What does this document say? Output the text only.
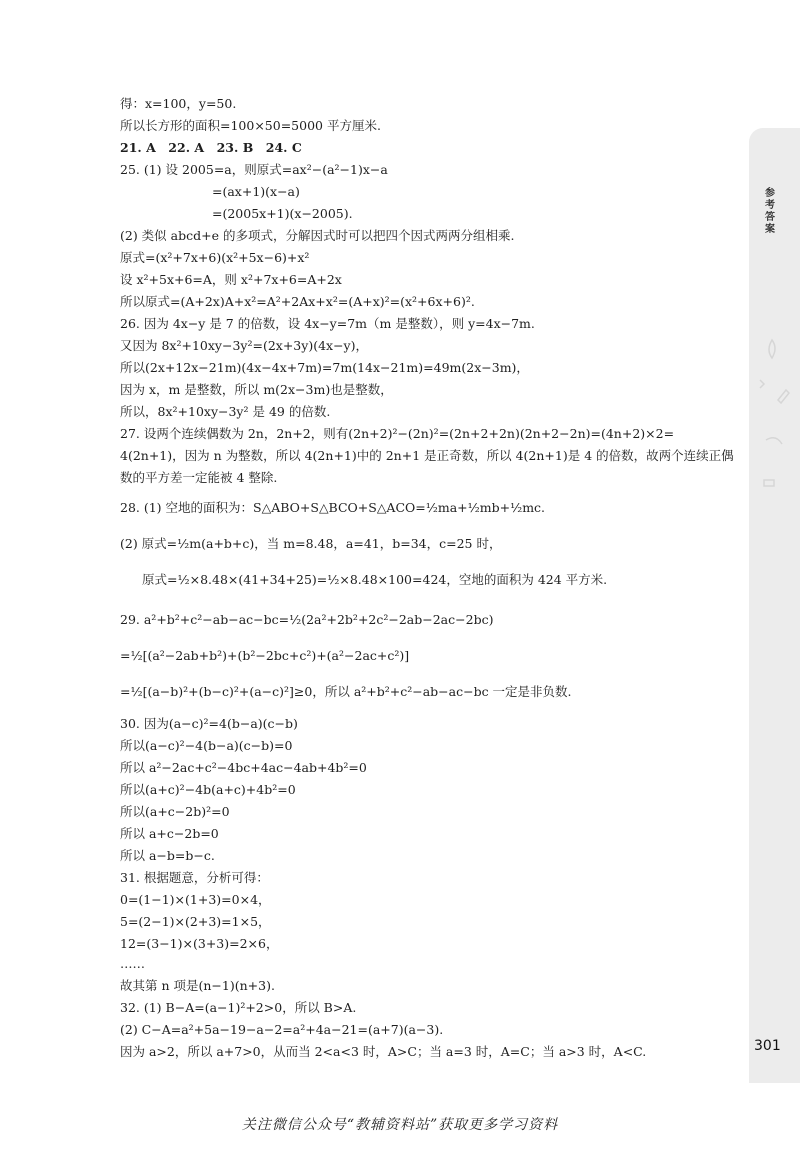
参考答案
得：x=100，y=50.
所以长方形的面积=100×50=5000 平方厘米.
21. A　22. A　23. B　24. C
25. (1) 设 2005=a，则原式=ax²−(a²−1)x−a
=(ax+1)(x−a)
=(2005x+1)(x−2005).
(2) 类似 abcd+e 的多项式，分解因式时可以把四个因式两两分组相乘.
原式=(x²+7x+6)(x²+5x−6)+x²
设 x²+5x+6=A，则 x²+7x+6=A+2x
所以原式=(A+2x)A+x²=A²+2Ax+x²=(A+x)²=(x²+6x+6)².
26. 因为 4x−y 是 7 的倍数，设 4x−y=7m（m 是整数），则 y=4x−7m.
又因为 8x²+10xy−3y²=(2x+3y)(4x−y)，
所以(2x+12x−21m)(4x−4x+7m)=7m(14x−21m)=49m(2x−3m)，
因为 x，m 是整数，所以 m(2x−3m)也是整数，
所以，8x²+10xy−3y² 是 49 的倍数.
27. 设两个连续偶数为 2n，2n+2，则有(2n+2)²−(2n)²=(2n+2+2n)(2n+2−2n)=(4n+2)×2=
4(2n+1)，因为 n 为整数，所以 4(2n+1)中的 2n+1 是正奇数，所以 4(2n+1)是 4 的倍数，故两个连续正偶
数的平方差一定能被 4 整除.
28. (1) 空地的面积为：S△ABO+S△BCO+S△ACO=½ma+½mb+½mc.
(2) 原式=½m(a+b+c)，当 m=8.48，a=41，b=34，c=25 时，
原式=½×8.48×(41+34+25)=½×8.48×100=424，空地的面积为 424 平方米.
29. a²+b²+c²−ab−ac−bc=½(2a²+2b²+2c²−2ab−2ac−2bc)
=½[(a²−2ab+b²)+(b²−2bc+c²)+(a²−2ac+c²)]
=½[(a−b)²+(b−c)²+(a−c)²]≥0，所以 a²+b²+c²−ab−ac−bc 一定是非负数.
30. 因为(a−c)²=4(b−a)(c−b)
所以(a−c)²−4(b−a)(c−b)=0
所以 a²−2ac+c²−4bc+4ac−4ab+4b²=0
所以(a+c)²−4b(a+c)+4b²=0
所以(a+c−2b)²=0
所以 a+c−2b=0
所以 a−b=b−c.
31. 根据题意，分析可得：
0=(1−1)×(1+3)=0×4，
5=(2−1)×(2+3)=1×5，
12=(3−1)×(3+3)=2×6，
……
故其第 n 项是(n−1)(n+3).
32. (1) B−A=(a−1)²+2>0，所以 B>A.
(2) C−A=a²+5a−19−a−2=a²+4a−21=(a+7)(a−3).
因为 a>2，所以 a+7>0，从而当 2<a<3 时，A>C；当 a=3 时，A=C；当 a>3 时，A<C.	301
关注微信公众号“教辅资料站”获取更多学习资料
